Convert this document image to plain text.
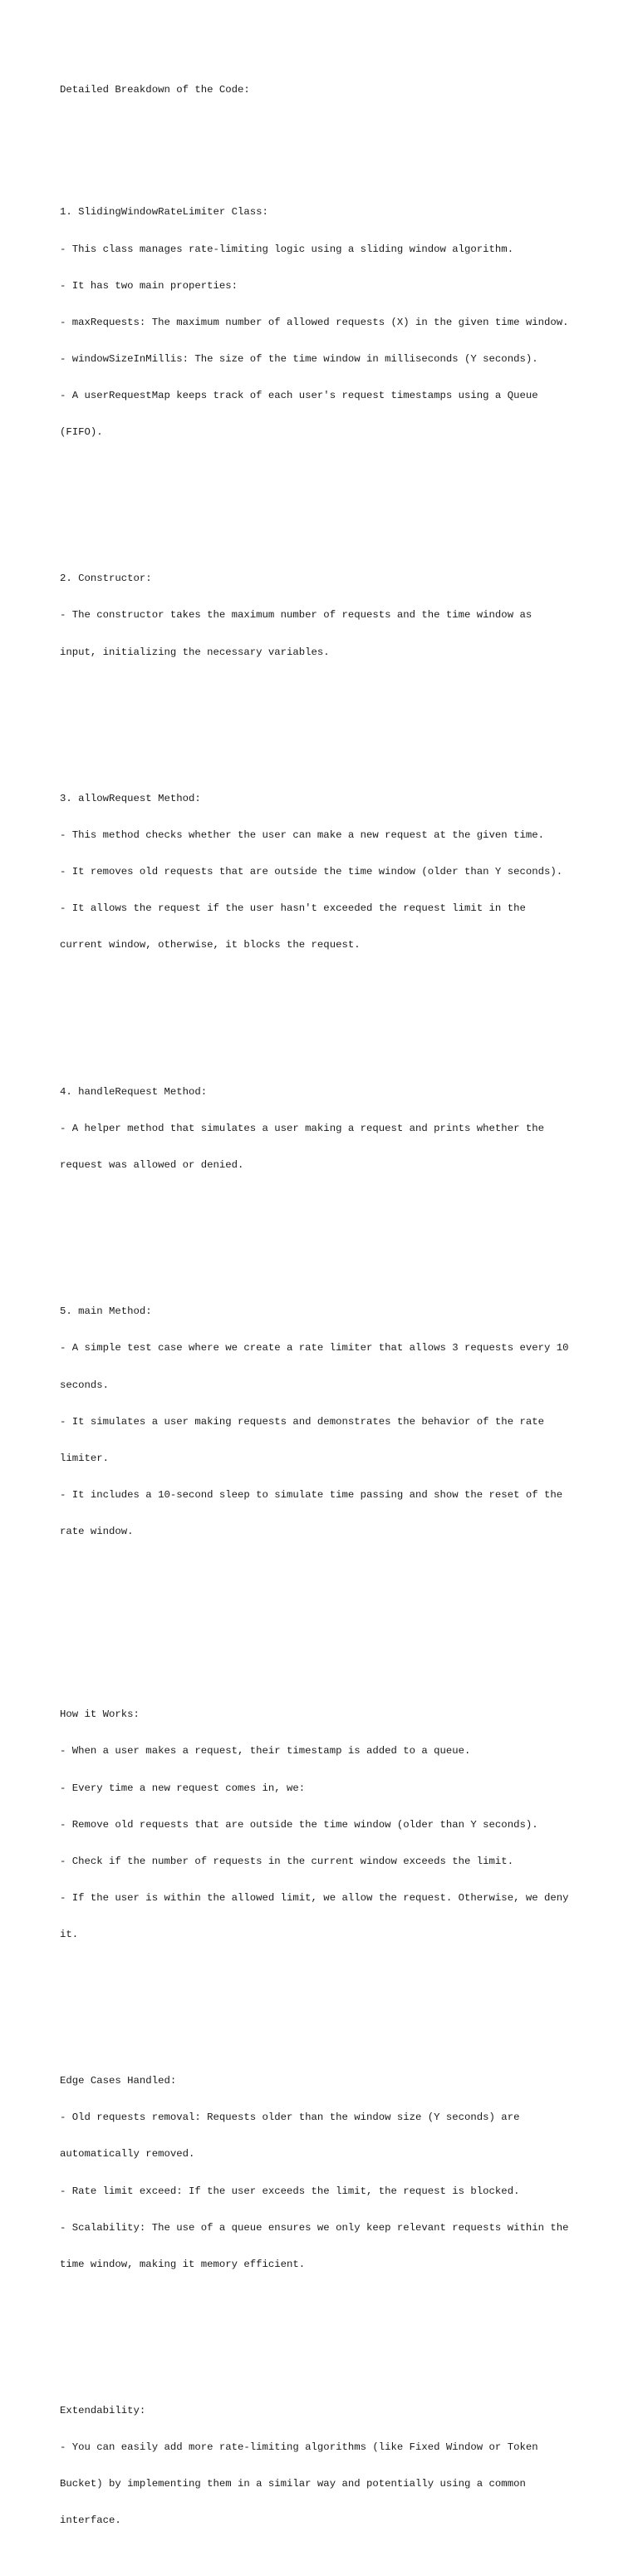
Detailed Breakdown of the Code:

1. SlidingWindowRateLimiter Class:

- This class manages rate-limiting logic using a sliding window algorithm.

- It has two main properties:

- maxRequests: The maximum number of allowed requests (X) in the given time window.

- windowSizeInMillis: The size of the time window in milliseconds (Y seconds).

- A userRequestMap keeps track of each user's request timestamps using a Queue

(FIFO).

2. Constructor:

- The constructor takes the maximum number of requests and the time window as

input, initializing the necessary variables.

3. allowRequest Method:

- This method checks whether the user can make a new request at the given time.

- It removes old requests that are outside the time window (older than Y seconds).

- It allows the request if the user hasn't exceeded the request limit in the

current window, otherwise, it blocks the request.

4. handleRequest Method:

- A helper method that simulates a user making a request and prints whether the

request was allowed or denied.

5. main Method:

- A simple test case where we create a rate limiter that allows 3 requests every 10

seconds.

- It simulates a user making requests and demonstrates the behavior of the rate

limiter.

- It includes a 10-second sleep to simulate time passing and show the reset of the

rate window.

How it Works:

- When a user makes a request, their timestamp is added to a queue.

- Every time a new request comes in, we:

- Remove old requests that are outside the time window (older than Y seconds).

- Check if the number of requests in the current window exceeds the limit.

- If the user is within the allowed limit, we allow the request. Otherwise, we deny

it.

Edge Cases Handled:

- Old requests removal: Requests older than the window size (Y seconds) are

automatically removed.

- Rate limit exceed: If the user exceeds the limit, the request is blocked.

- Scalability: The use of a queue ensures we only keep relevant requests within the

time window, making it memory efficient.

Extendability:

- You can easily add more rate-limiting algorithms (like Fixed Window or Token

Bucket) by implementing them in a similar way and potentially using a common

interface.
